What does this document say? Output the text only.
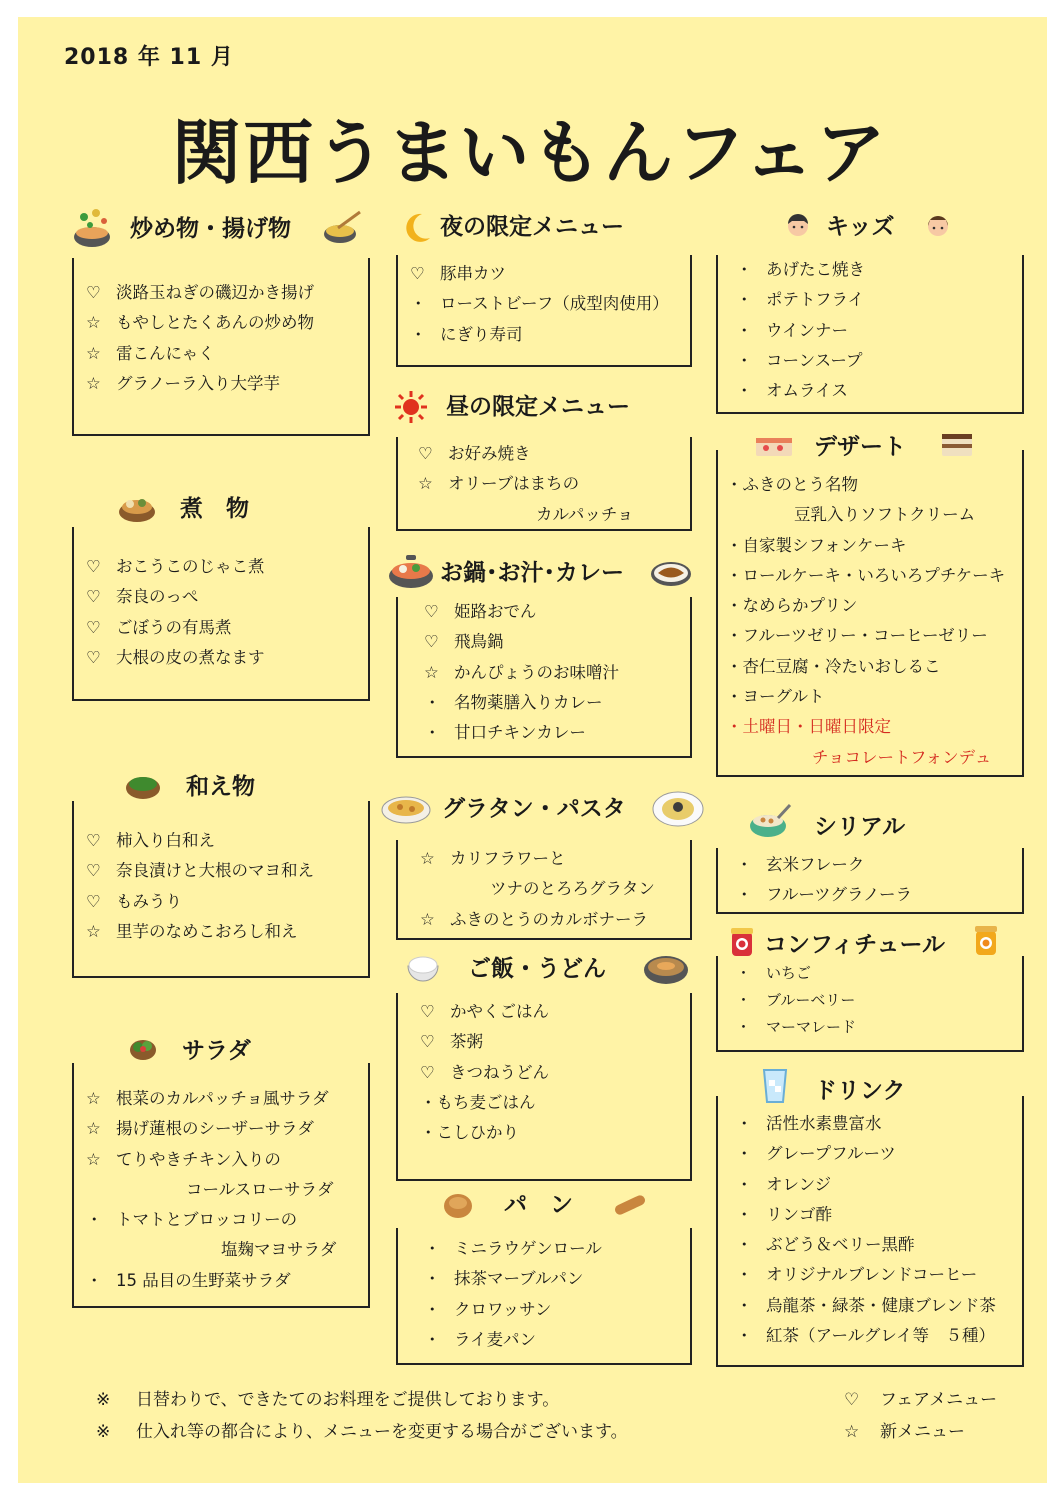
2018 年 11 月
関西うまいもんフェア
炒め物・揚げ物
♡ 淡路玉ねぎの磯辺かき揚げ
☆ もやしとたくあんの炒め物
☆ 雷こんにゃく
☆ グラノーラ入り大学芋
煮　物
♡ おこうこのじゃこ煮
♡ 奈良のっぺ
♡ ごぼうの有馬煮
♡ 大根の皮の煮なます
和え物
♡ 柿入り白和え
♡ 奈良漬けと大根のマヨ和え
♡ もみうり
☆ 里芋のなめこおろし和え
サラダ
☆ 根菜のカルパッチョ風サラダ
☆ 揚げ蓮根のシーザーサラダ
☆ てりやきチキン入りの
コールスローサラダ
・ トマトとブロッコリーの
塩麹マヨサラダ
・ 15 品目の生野菜サラダ
夜の限定メニュー
♡ 豚串カツ
・ ローストビーフ（成型肉使用）
・ にぎり寿司
昼の限定メニュー
♡ お好み焼き
☆ オリーブはまちの
カルパッチョ
お鍋･お汁･カレー
♡ 姫路おでん
♡ 飛鳥鍋
☆ かんぴょうのお味噌汁
・ 名物薬膳入りカレー
・ 甘口チキンカレー
グラタン・パスタ
☆ カリフラワーと
ツナのとろろグラタン
☆ ふきのとうのカルボナーラ
ご飯・うどん
♡ かやくごはん
♡ 茶粥
♡ きつねうどん
・もち麦ごはん
・こしひかり
パ　ン
・ ミニラウゲンロール
・ 抹茶マーブルパン
・ クロワッサン
・ ライ麦パン
キッズ
・ あげたこ焼き
・ ポテトフライ
・ ウインナー
・ コーンスープ
・ オムライス
デザート
・ふきのとう名物
豆乳入りソフトクリーム
・自家製シフォンケーキ
・ロールケーキ・いろいろプチケーキ
・なめらかプリン
・フルーツゼリー・コーヒーゼリー
・杏仁豆腐・冷たいおしるこ
・ヨーグルト
・土曜日・日曜日限定
チョコレートフォンデュ
シリアル
・ 玄米フレーク
・ フルーツグラノーラ
コンフィチュール
・ いちご
・ ブルーベリー
・ マーマレード
ドリンク
・ 活性水素豊富水
・ グレープフルーツ
・ オレンジ
・ リンゴ酢
・ ぶどう＆ベリー黒酢
・ オリジナルブレンドコーヒー
・ 烏龍茶・緑茶・健康ブレンド茶
・ 紅茶（アールグレイ等　５種）
※ 日替わりで、できたてのお料理をご提供しております。
※ 仕入れ等の都合により、メニューを変更する場合がございます。
♡ フェアメニュー
☆ 新メニュー
